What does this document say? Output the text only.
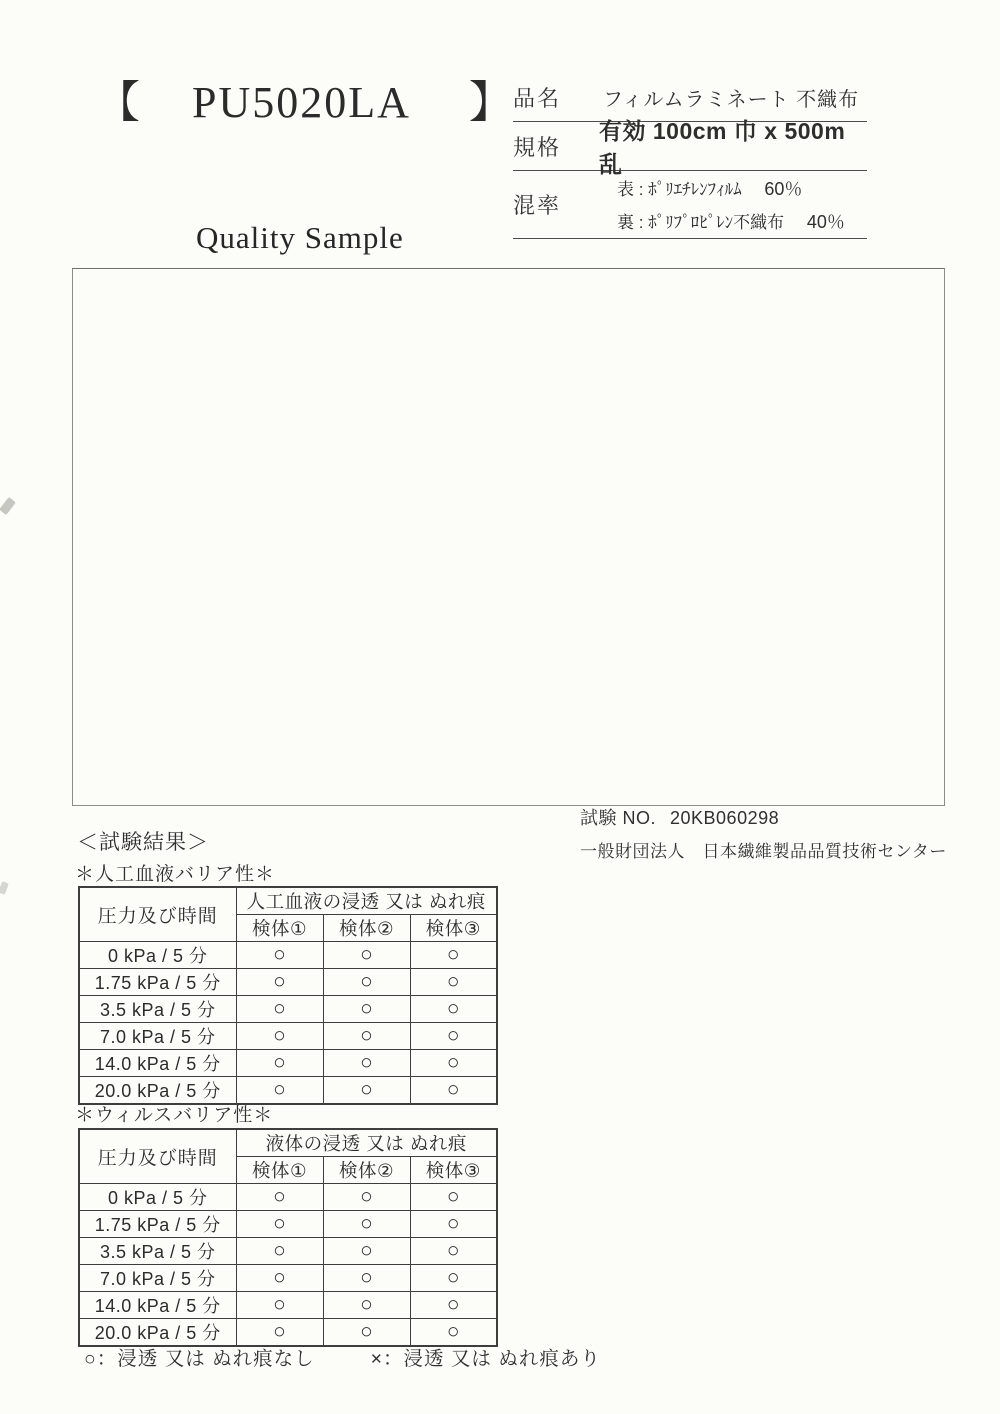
【 PU5020LA 】
Quality Sample
品名	フィルムラミネート 不織布
規格
有効 100cm 巾 x 500m 乱
混率
表 : ﾎﾟﾘｴﾁﾚﾝﾌｨﾙﾑ 60％
裏 : ﾎﾟﾘﾌﾟﾛﾋﾟﾚﾝ不織布 40％
試験 NO. 20KB060298
一般財団法人　日本繊維製品品質技術センター
＜試験結果＞
＊人工血液バリア性＊
圧力及び時間	人工血液の浸透 又は ぬれ痕		
	検体①	検体②	検体③
0 kPa / 5 分	○	○	○
1.75 kPa / 5 分	○	○	○
3.5 kPa / 5 分	○	○	○
7.0 kPa / 5 分	○	○	○
14.0 kPa / 5 分	○	○	○
20.0 kPa / 5 分	○	○	○
＊ウィルスバリア性＊
圧力及び時間	液体の浸透 又は ぬれ痕		
	検体①	検体②	検体③
0 kPa / 5 分	○	○	○
1.75 kPa / 5 分	○	○	○
3.5 kPa / 5 分	○	○	○
7.0 kPa / 5 分	○	○	○
14.0 kPa / 5 分	○	○	○
20.0 kPa / 5 分	○	○	○
○：浸透 又は ぬれ痕なし	×：浸透 又は ぬれ痕あり
